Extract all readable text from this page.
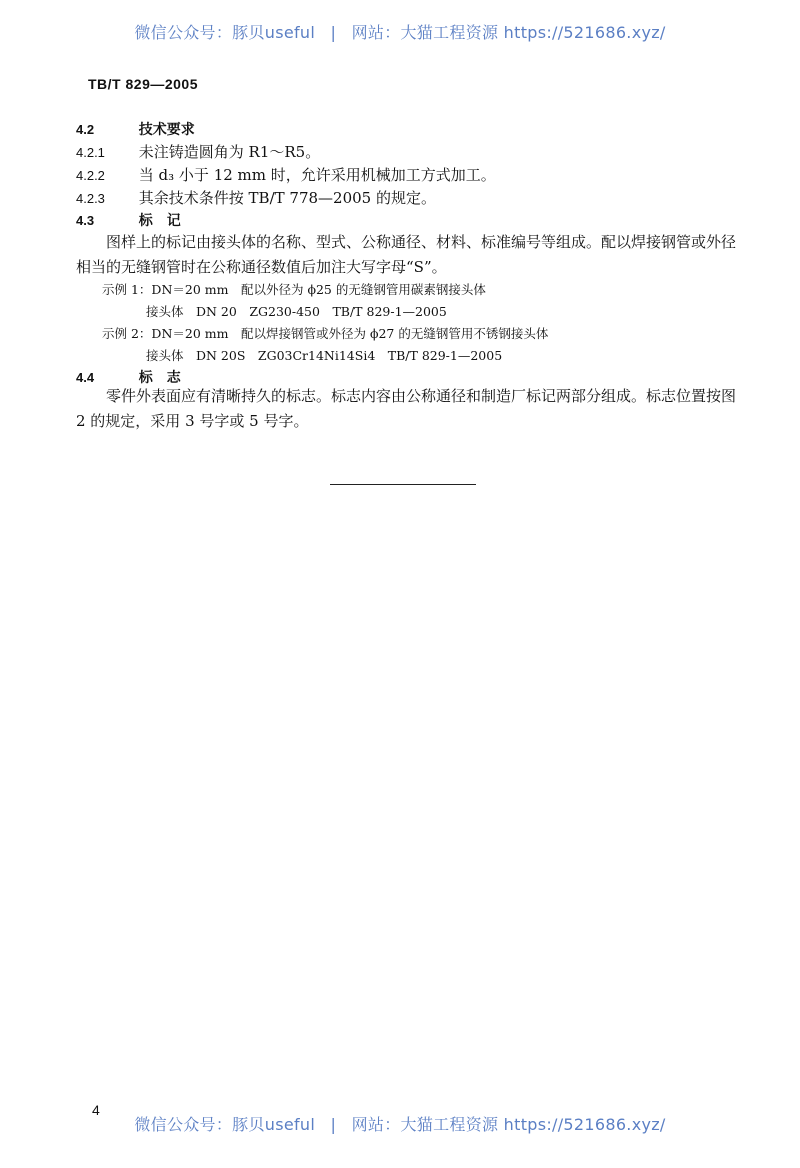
微信公众号：豚贝useful | 网站：大猫工程资源 https://521686.xyz/
TB/T 829—2005
4.2	技术要求
4.2.1 未注铸造圆角为 R1～R5。
4.2.2 当 d₃ 小于 12 mm 时，允许采用机械加工方式加工。
4.2.3 其余技术条件按 TB/T 778—2005 的规定。
4.3	标记
图样上的标记由接头体的名称、型式、公称通径、材料、标准编号等组成。配以焊接钢管或外径相当的无缝钢管时在公称通径数值后加注大写字母“S”。
示例 1：DN＝20 mm　配以外径为 ϕ25 的无缝钢管用碳素钢接头体
接头体　DN 20　ZG230-450　TB/T 829-1—2005
示例 2：DN＝20 mm　配以焊接钢管或外径为 ϕ27 的无缝钢管用不锈钢接头体
接头体　DN 20S　ZG03Cr14Ni14Si4　TB/T 829-1—2005
4.4	标志
零件外表面应有清晰持久的标志。标志内容由公称通径和制造厂标记两部分组成。标志位置按图 2 的规定，采用 3 号字或 5 号字。
4
微信公众号：豚贝useful | 网站：大猫工程资源 https://521686.xyz/
